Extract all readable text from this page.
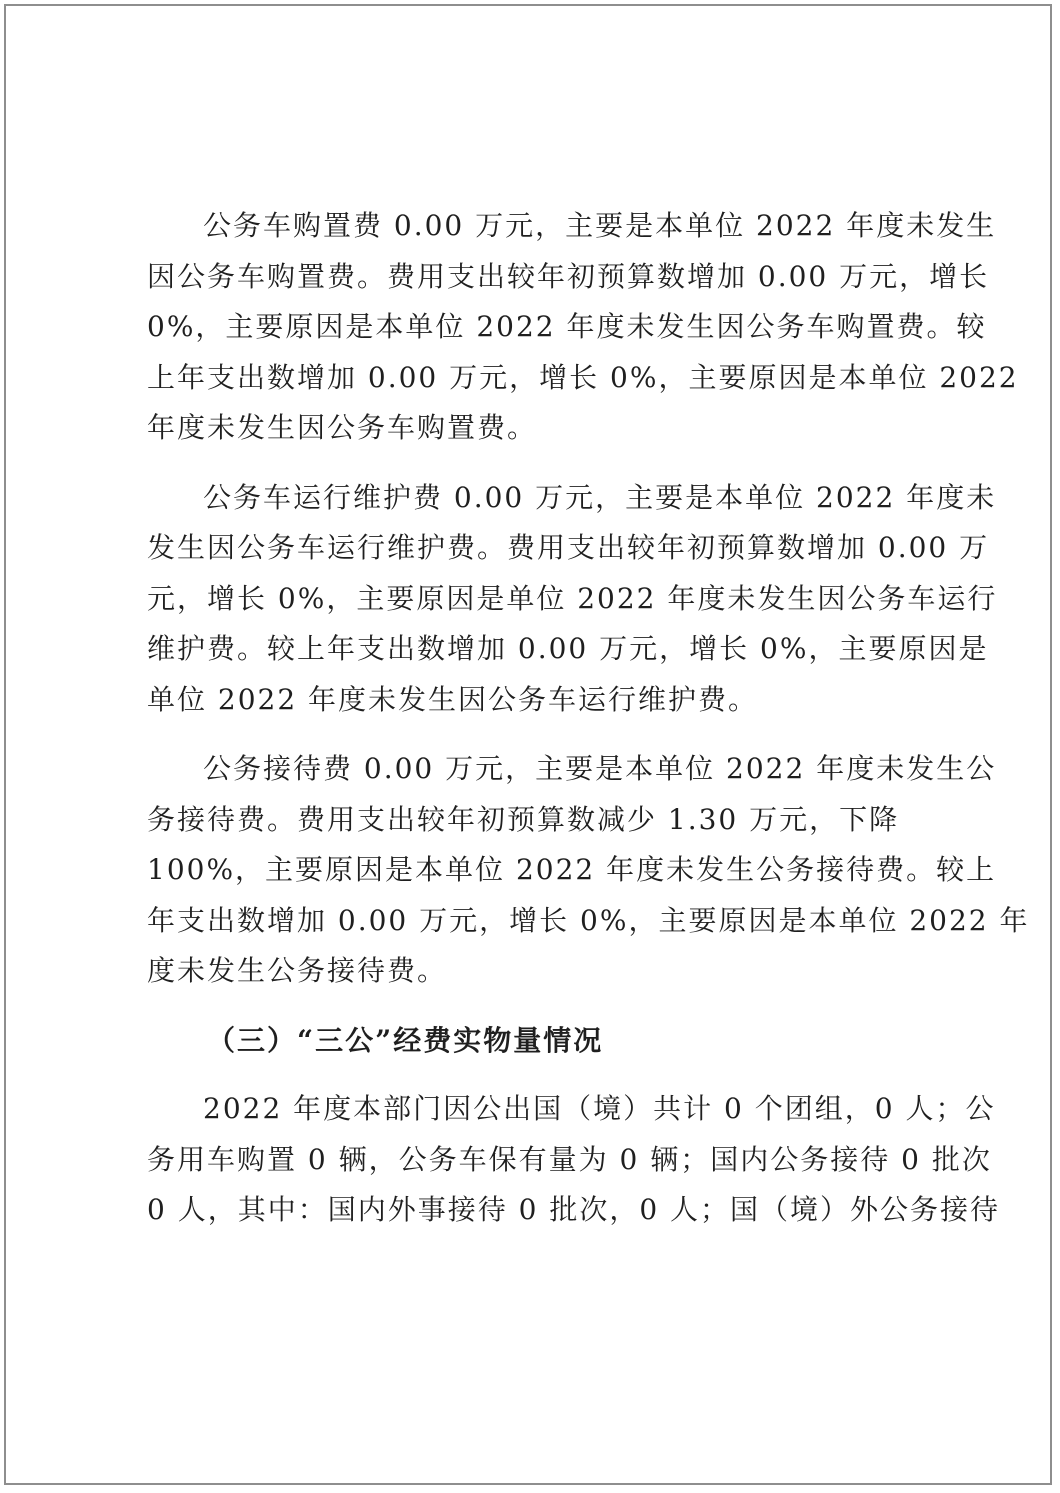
公务车购置费 0.00 万元，主要是本单位 2022 年度未发生
因公务车购置费。费用支出较年初预算数增加 0.00 万元，增长
0%，主要原因是本单位 2022 年度未发生因公务车购置费。较
上年支出数增加 0.00 万元，增长 0%，主要原因是本单位 2022
年度未发生因公务车购置费。
公务车运行维护费 0.00 万元，主要是本单位 2022 年度未
发生因公务车运行维护费。费用支出较年初预算数增加 0.00 万
元，增长 0%，主要原因是单位 2022 年度未发生因公务车运行
维护费。较上年支出数增加 0.00 万元，增长 0%，主要原因是
单位 2022 年度未发生因公务车运行维护费。
公务接待费 0.00 万元，主要是本单位 2022 年度未发生公
务接待费。费用支出较年初预算数减少 1.30 万元，下降
100%，主要原因是本单位 2022 年度未发生公务接待费。较上
年支出数增加 0.00 万元，增长 0%，主要原因是本单位 2022 年
度未发生公务接待费。
（三）“三公”经费实物量情况
2022 年度本部门因公出国（境）共计 0 个团组，0 人；公
务用车购置 0 辆，公务车保有量为 0 辆；国内公务接待 0 批次
0 人，其中：国内外事接待 0 批次，0 人；国（境）外公务接待
